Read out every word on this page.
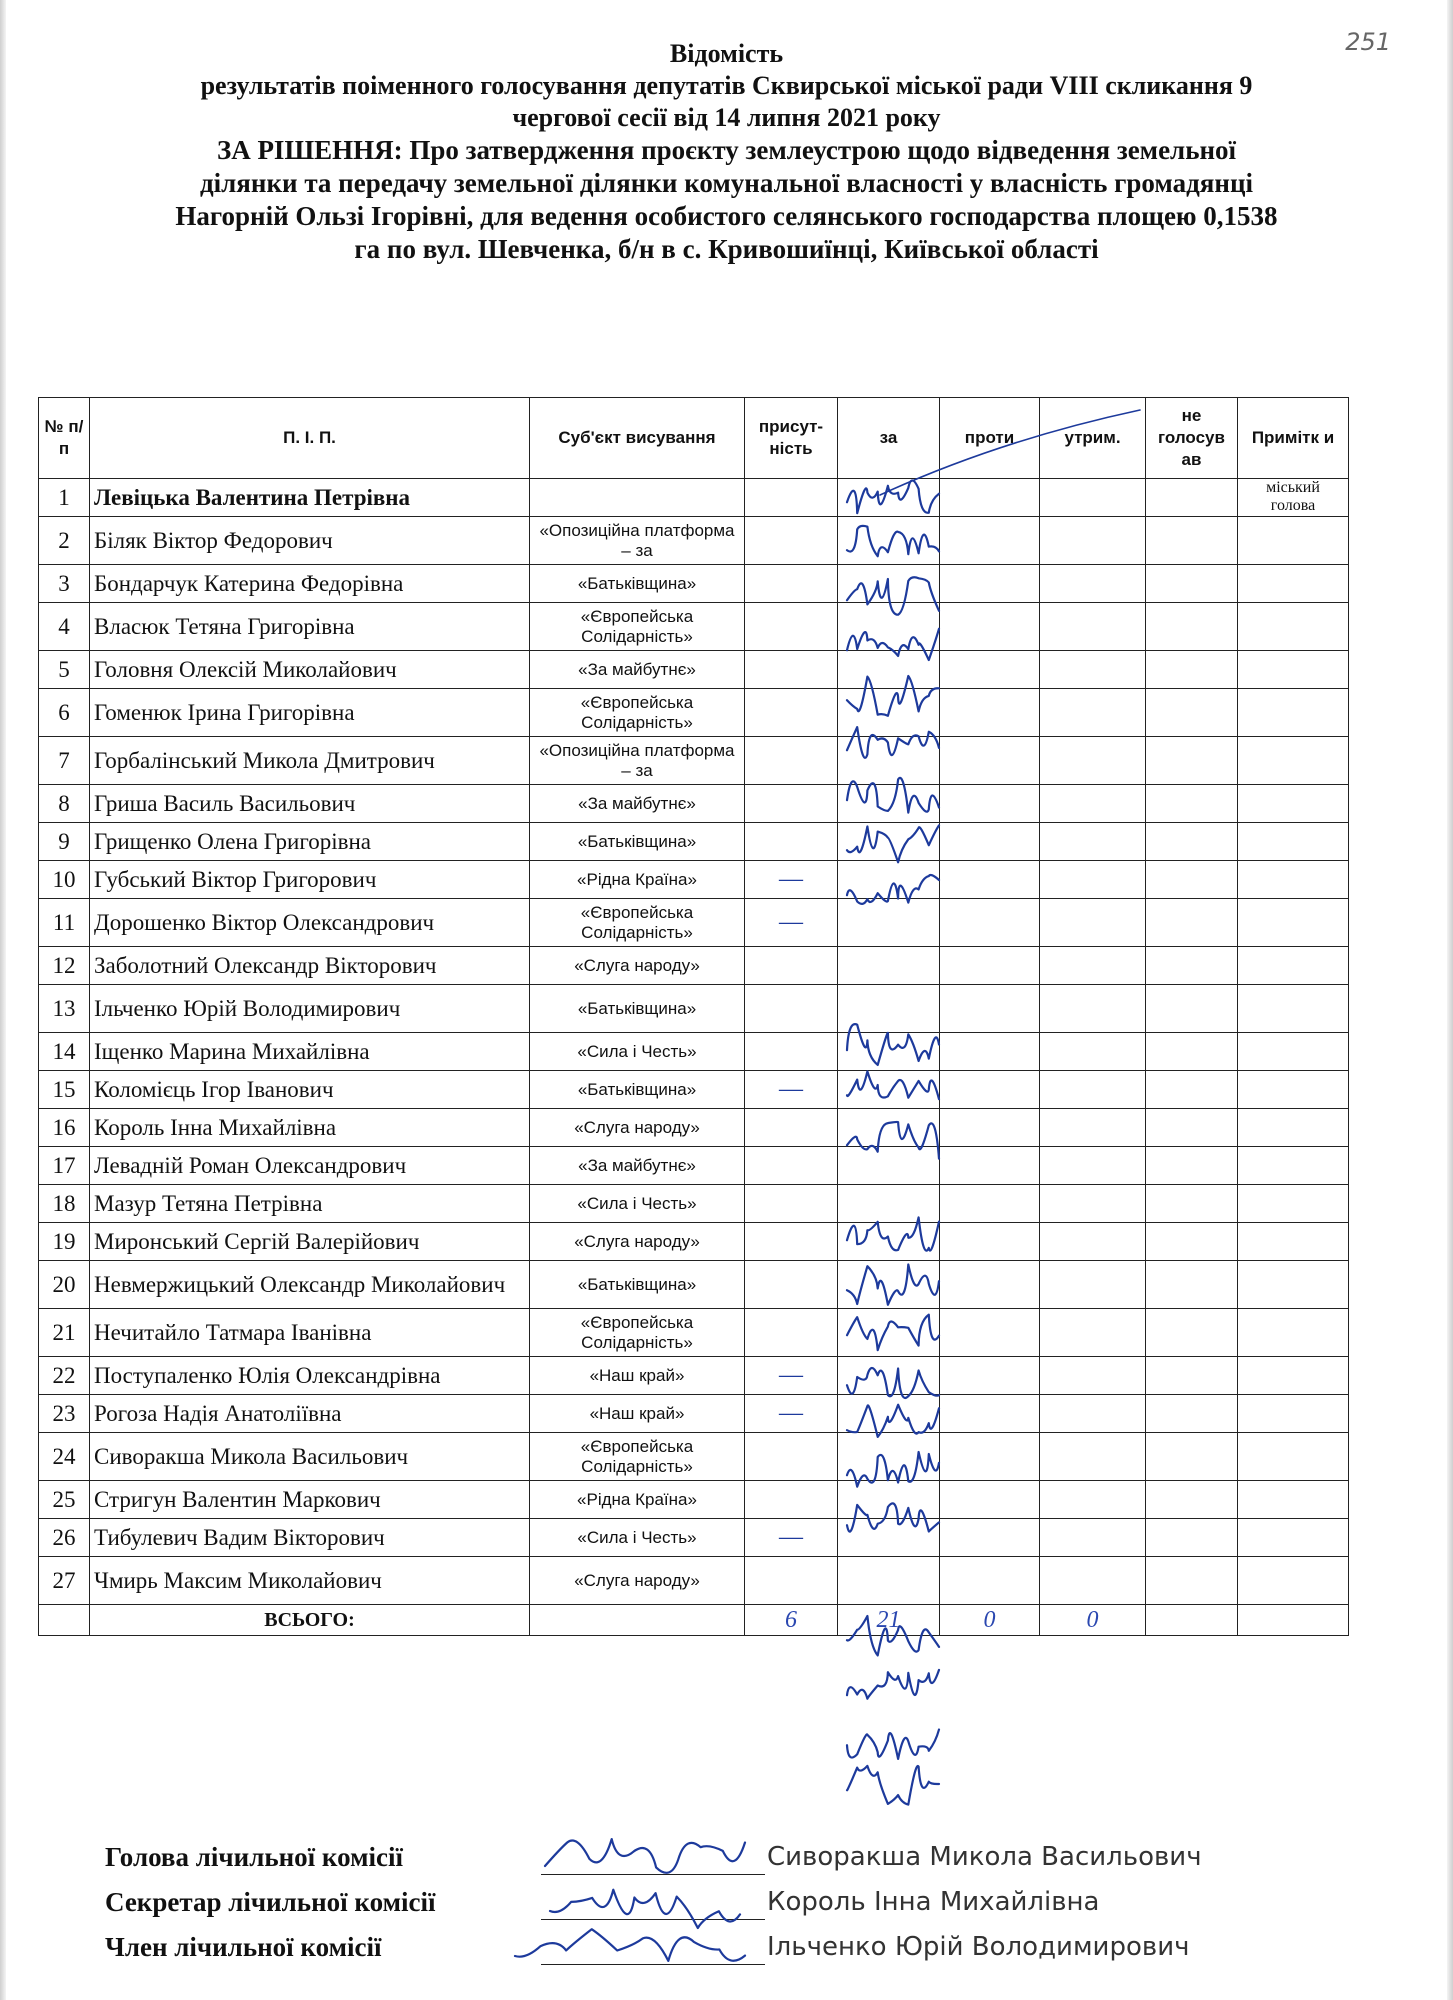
251
Відомість
результатів поіменного голосування депутатів Сквирської міської ради VIII скликання 9
чергової сесії від 14 липня 2021 року
ЗА РІШЕННЯ: Про затвердження проєкту землеустрою щодо відведення земельної
ділянки та передачу земельної ділянки комунальної власності у власність громадянці
Нагорній Ользі Ігорівні, для ведення особистого селянського господарства площею 0,1538
га по вул. Шевченка, б/н в с. Кривошиїнці, Київської області
№ п/п	П. І. П.	Суб'єкт висування	присут-ність	за	проти	утрим.	не голосув ав	Примітк и
1	Левіцька Валентина Петрівна							міський голова
2	Біляк Віктор Федорович	«Опозиційна платформа – за						
3	Бондарчук Катерина Федорівна	«Батьківщина»						
4	Власюк Тетяна Григорівна	«Європейська Солідарність»						
5	Головня Олексій Миколайович	«За майбутнє»						
6	Гоменюк Ірина Григорівна	«Європейська Солідарність»						
7	Горбалінський Микола Дмитрович	«Опозиційна платформа – за						
8	Гриша Василь Васильович	«За майбутнє»						
9	Грищенко Олена Григорівна	«Батьківщина»						
10	Губський Віктор Григорович	«Рідна Країна»	—					
11	Дорошенко Віктор Олександрович	«Європейська Солідарність»	—					
12	Заболотний Олександр Вікторович	«Слуга народу»						
13	Ільченко Юрій Володимирович	«Батьківщина»						
14	Іщенко Марина Михайлівна	«Сила і Честь»						
15	Коломієць Ігор Іванович	«Батьківщина»	—					
16	Король Інна Михайлівна	«Слуга народу»						
17	Левадній Роман Олександрович	«За майбутнє»						
18	Мазур Тетяна Петрівна	«Сила і Честь»						
19	Миронський Сергій Валерійович	«Слуга народу»						
20	Невмержицький Олександр Миколайович	«Батьківщина»						
21	Нечитайло Татмара Іванівна	«Європейська Солідарність»						
22	Поступаленко Юлія Олександрівна	«Наш край»	—					
23	Рогоза Надія Анатоліївна	«Наш край»	—					
24	Сиворакша Микола Васильович	«Європейська Солідарність»						
25	Стригун Валентин Маркович	«Рідна Країна»						
26	Тибулевич Вадим Вікторович	«Сила і Честь»	—					
27	Чмирь Максим Миколайович	«Слуга народу»						
	ВСЬОГО:		6	21	0	0		
Голова лічильної комісії	Сиворакша Микола Васильович
Секретар лічильної комісії	Король Інна Михайлівна
Член лічильної комісії	Ільченко Юрій Володимирович
